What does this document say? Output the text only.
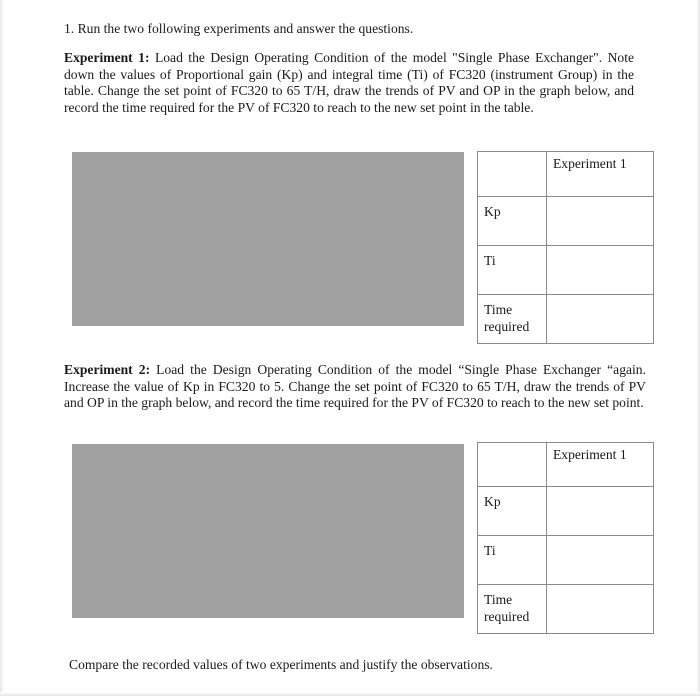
1. Run the two following experiments and answer the questions.

Experiment 1: Load the Design Operating Condition of the model "Single Phase Exchanger". Note down the values of Proportional gain (Kp) and integral time (Ti) of FC320 (instrument Group) in the table. Change the set point of FC320 to 65 T/H, draw the trends of PV and OP in the graph below, and record the time required for the PV of FC320 to reach to the new set point in the table.

	Experiment 1
Kp	
Ti	
Time required	

Experiment 2: Load the Design Operating Condition of the model “Single Phase Exchanger “again. Increase the value of Kp in FC320 to 5. Change the set point of FC320 to 65 T/H, draw the trends of PV and OP in the graph below, and record the time required for the PV of FC320 to reach to the new set point.

	Experiment 1
Kp	
Ti	
Time required	

Compare the recorded values of two experiments and justify the observations.
